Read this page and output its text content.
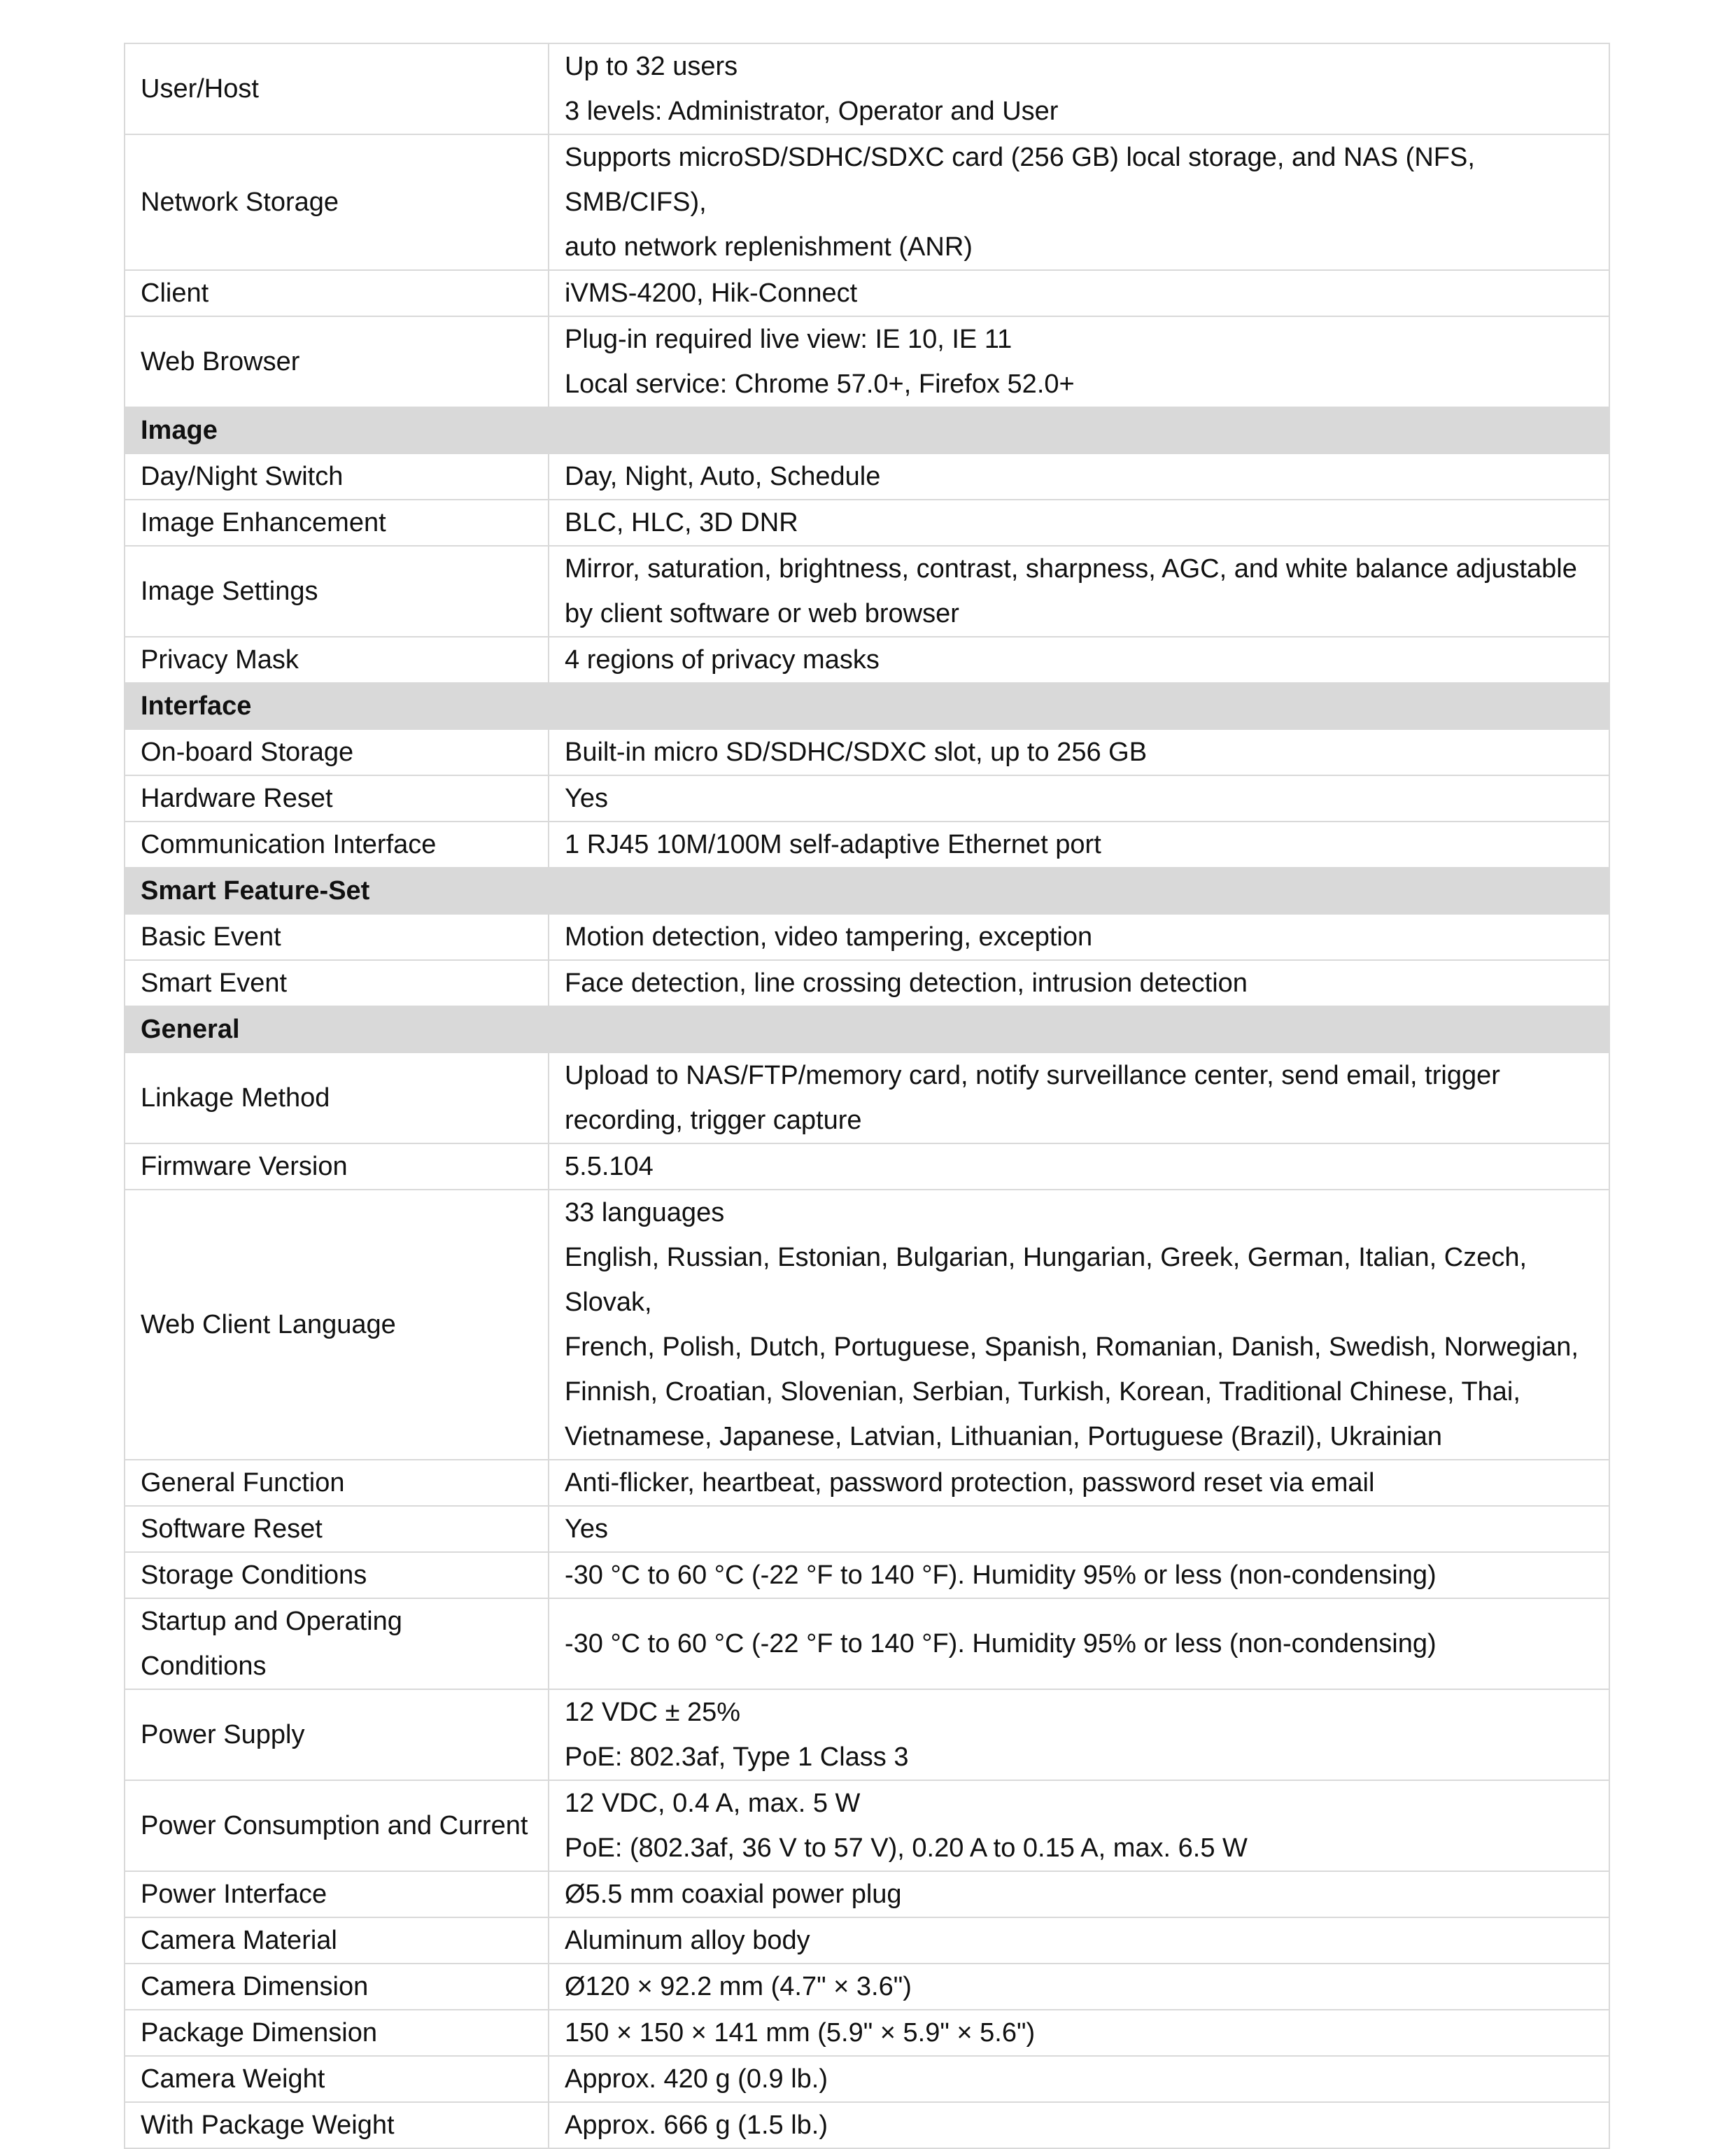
User/Host	Up to 32 users
3 levels: Administrator, Operator and User

Network Storage	Supports microSD/SDHC/SDXC card (256 GB) local storage, and NAS (NFS, SMB/CIFS),
auto network replenishment (ANR)

Client	iVMS-4200, Hik-Connect

Web Browser	Plug-in required live view: IE 10, IE 11
Local service: Chrome 57.0+, Firefox 52.0+

Image	
Day/Night Switch	Day, Night, Auto, Schedule

Image Enhancement	BLC, HLC, 3D DNR

Image Settings	Mirror, saturation, brightness, contrast, sharpness, AGC, and white balance adjustable
by client software or web browser

Privacy Mask	4 regions of privacy masks

Interface	
On-board Storage	Built-in micro SD/SDHC/SDXC slot, up to 256 GB

Hardware Reset	Yes

Communication Interface	1 RJ45 10M/100M self-adaptive Ethernet port

Smart Feature-Set	
Basic Event	Motion detection, video tampering, exception

Smart Event	Face detection, line crossing detection, intrusion detection

General	
Linkage Method	Upload to NAS/FTP/memory card, notify surveillance center, send email, trigger
recording, trigger capture

Firmware Version	5.5.104

Web Client Language	33 languages
English, Russian, Estonian, Bulgarian, Hungarian, Greek, German, Italian, Czech, Slovak,
French, Polish, Dutch, Portuguese, Spanish, Romanian, Danish, Swedish, Norwegian,
Finnish, Croatian, Slovenian, Serbian, Turkish, Korean, Traditional Chinese, Thai,
Vietnamese, Japanese, Latvian, Lithuanian, Portuguese (Brazil), Ukrainian

General Function	Anti-flicker, heartbeat, password protection, password reset via email

Software Reset	Yes

Storage Conditions	-30 °C to 60 °C (-22 °F to 140 °F). Humidity 95% or less (non-condensing)

Startup and Operating Conditions	-30 °C to 60 °C (-22 °F to 140 °F). Humidity 95% or less (non-condensing)

Power Supply	12 VDC ± 25%
PoE: 802.3af, Type 1 Class 3

Power Consumption and Current	12 VDC, 0.4 A, max. 5 W
PoE: (802.3af, 36 V to 57 V), 0.20 A to 0.15 A, max. 6.5 W

Power Interface	Ø5.5 mm coaxial power plug

Camera Material	Aluminum alloy body

Camera Dimension	Ø120 × 92.2 mm (4.7" × 3.6")

Package Dimension	150 × 150 × 141 mm (5.9" × 5.9" × 5.6")

Camera Weight	Approx. 420 g (0.9 lb.)

With Package Weight	Approx. 666 g (1.5 lb.)
